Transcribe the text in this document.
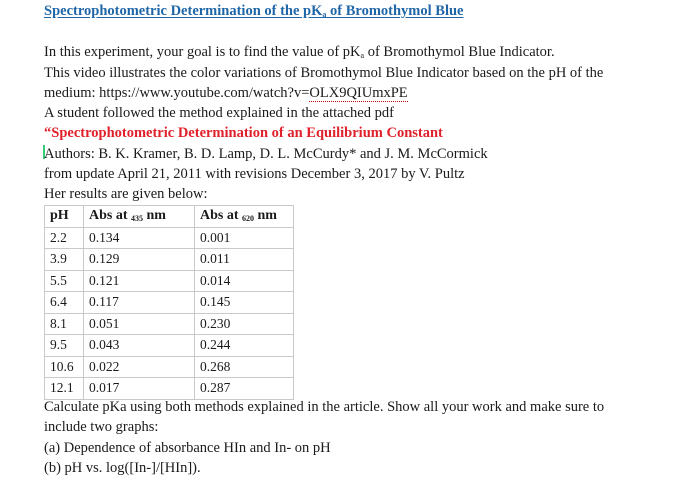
Spectrophotometric Determination of the $pK_a$ of Bromothymol Blue
In this experiment, your goal is to find the value of $pK_a$ of Bromothymol Blue Indicator.
This video illustrates the color variations of Bromothymol Blue Indicator based on the pH of the
medium: https://www.youtube.com/watch?v=OLX9QIUmxPE
A student followed the method explained in the attached pdf
“Spectrophotometric Determination of an Equilibrium Constant
Authors: B. K. Kramer, B. D. Lamp, D. L. McCurdy* and J. M. McCormick
from update April 21, 2011 with revisions December 3, 2017 by V. Pultz
Her results are given below:
pH	Abs at $_{435}$ nm	Abs at $_{620}$ nm
2.2	0.134	0.001
3.9	0.129	0.011
5.5	0.121	0.014
6.4	0.117	0.145
8.1	0.051	0.230
9.5	0.043	0.244
10.6	0.022	0.268
12.1	0.017	0.287
Calculate pKa using both methods explained in the article. Show all your work and make sure to
include two graphs:
(a) Dependence of absorbance HIn and In- on pH
(b) pH vs. log([In-]/[HIn]).
